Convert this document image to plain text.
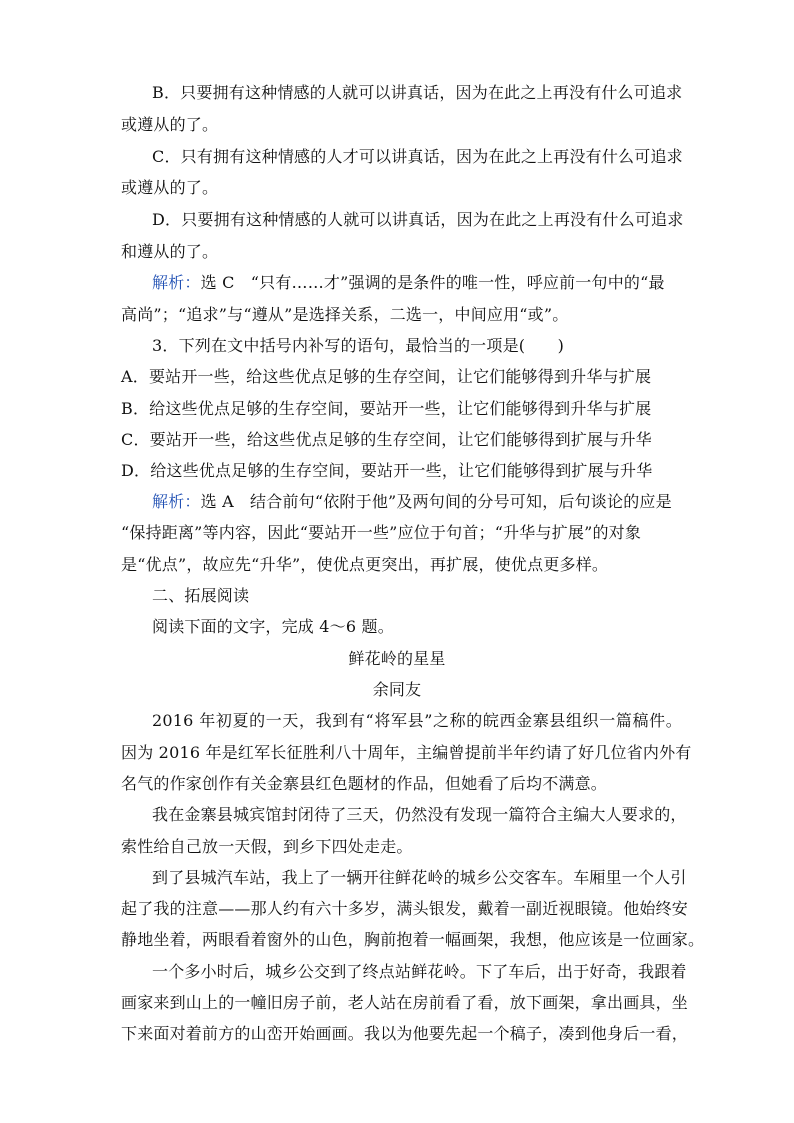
B．只要拥有这种情感的人就可以讲真话，因为在此之上再没有什么可追求
或遵从的了。
C．只有拥有这种情感的人才可以讲真话，因为在此之上再没有什么可追求
或遵从的了。
D．只要拥有这种情感的人就可以讲真话，因为在此之上再没有什么可追求
和遵从的了。
解析：选 C　“只有……才”强调的是条件的唯一性，呼应前一句中的“最
高尚”；“追求”与“遵从”是选择关系，二选一，中间应用“或”。
3．下列在文中括号内补写的语句，最恰当的一项是(　　)
A．要站开一些，给这些优点足够的生存空间，让它们能够得到升华与扩展
B．给这些优点足够的生存空间，要站开一些，让它们能够得到升华与扩展
C．要站开一些，给这些优点足够的生存空间，让它们能够得到扩展与升华
D．给这些优点足够的生存空间，要站开一些，让它们能够得到扩展与升华
解析：选 A　结合前句“依附于他”及两句间的分号可知，后句谈论的应是
“保持距离”等内容，因此“要站开一些”应位于句首；“升华与扩展”的对象
是“优点”，故应先“升华”，使优点更突出，再扩展，使优点更多样。
二、拓展阅读
阅读下面的文字，完成 4～6 题。
鲜花岭的星星
余同友
2016 年初夏的一天，我到有“将军县”之称的皖西金寨县组织一篇稿件。
因为 2016 年是红军长征胜利八十周年，主编曾提前半年约请了好几位省内外有
名气的作家创作有关金寨县红色题材的作品，但她看了后均不满意。
我在金寨县城宾馆封闭待了三天，仍然没有发现一篇符合主编大人要求的，
索性给自己放一天假，到乡下四处走走。
到了县城汽车站，我上了一辆开往鲜花岭的城乡公交客车。车厢里一个人引
起了我的注意——那人约有六十多岁，满头银发，戴着一副近视眼镜。他始终安
静地坐着，两眼看着窗外的山色，胸前抱着一幅画架，我想，他应该是一位画家。
一个多小时后，城乡公交到了终点站鲜花岭。下了车后，出于好奇，我跟着
画家来到山上的一幢旧房子前，老人站在房前看了看，放下画架，拿出画具，坐
下来面对着前方的山峦开始画画。我以为他要先起一个稿子，凑到他身后一看，
